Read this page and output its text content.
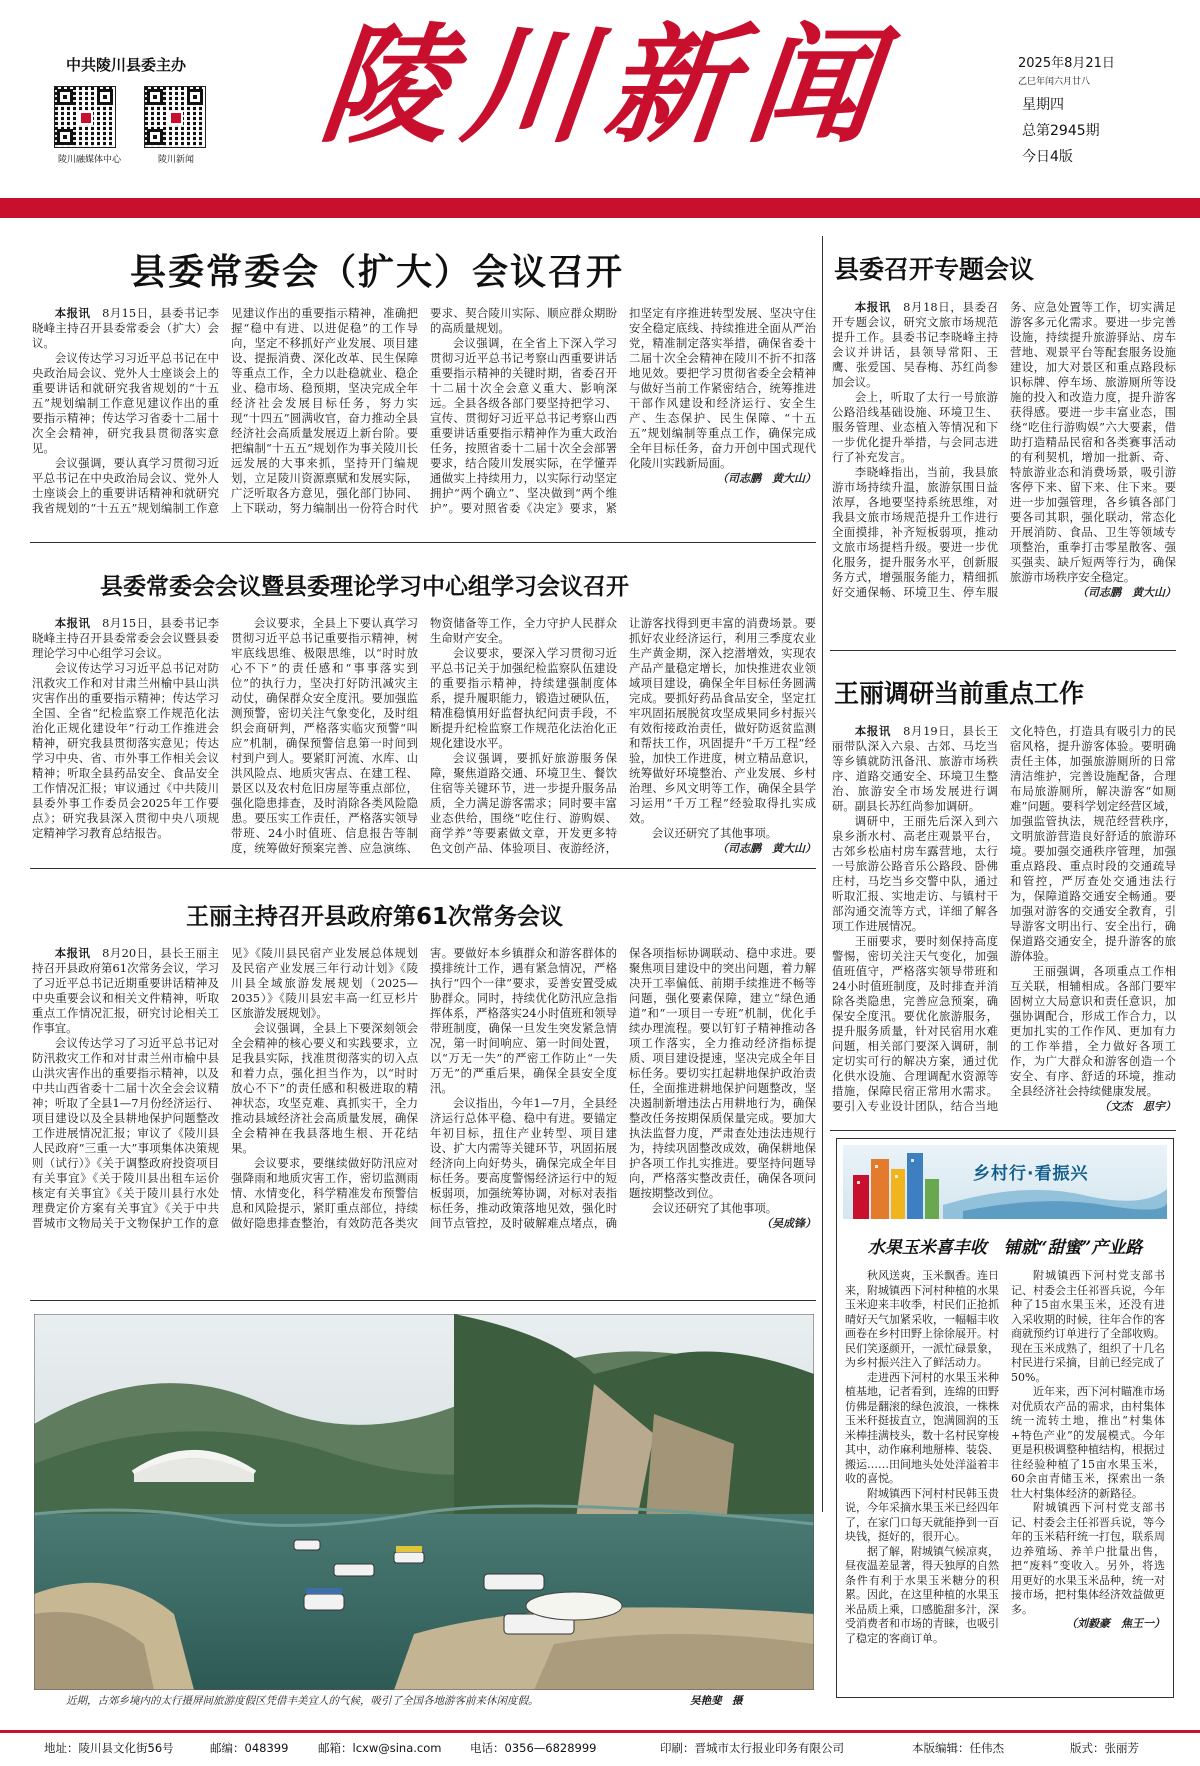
中共陵川县委主办
陵川融媒体中心	陵川新闻 陵川新闻	2025年8月21日
乙巳年闰六月廿八
星期四
总第2945期
今日4版
县委常委会（扩大）会议召开

本报讯　 8月15日，县委书记李晓峰主持召开县委常委会（扩大）会议。

会议传达学习习近平总书记在中央政治局会议、党外人士座谈会上的重要讲话和就研究我省规划的“十五五”规划编制工作意见建议作出的重要指示精神；传达学习省委十二届十次全会精神，研究我县贯彻落实意见。

会议强调，要认真学习贯彻习近平总书记在中央政治局会议、党外人士座谈会上的重要讲话精神和就研究我省规划的“十五五”规划编制工作意见建议作出的重要指示精神，准确把握“稳中有进、以进促稳”的工作导向，坚定不移抓好产业发展、项目建设、提振消费、深化改革、民生保障等重点工作，全力以赴稳就业、稳企业、稳市场、稳预期，坚决完成全年经济社会发展目标任务，努力实现“十四五”圆满收官，奋力推动全县经济社会高质量发展迈上新台阶。要把编制“十五五”规划作为事关陵川长远发展的大事来抓，坚持开门编规划，立足陵川资源禀赋和发展实际，广泛听取各方意见，强化部门协同、上下联动，努力编制出一份符合时代要求、契合陵川实际、顺应群众期盼的高质量规划。

会议强调，在全省上下深入学习贯彻习近平总书记考察山西重要讲话重要指示精神的关键时期，省委召开十二届十次全会意义重大、影响深远。全县各级各部门要坚持把学习、宣传、贯彻好习近平总书记考察山西重要讲话重要指示精神作为重大政治任务，按照省委十二届十次全会部署要求，结合陵川发展实际，在学懂弄通做实上持续用力，以实际行动坚定拥护“两个确立”、坚决做到“两个维护”。要对照省委《决定》要求，紧扣坚定有序推进转型发展、坚决守住安全稳定底线、持续推进全面从严治党，精准制定落实举措，确保省委十二届十次全会精神在陵川不折不扣落地见效。要把学习贯彻省委全会精神与做好当前工作紧密结合，统筹推进干部作风建设和经济运行、安全生产、生态保护、民生保障、“十五五”规划编制等重点工作，确保完成全年目标任务，奋力开创中国式现代化陵川实践新局面。

（司志鹏　黄大山）
县委常委会会议暨县委理论学习中心组学习会议召开

本报讯　 8月15日，县委书记李晓峰主持召开县委常委会会议暨县委理论学习中心组学习会议。

会议传达学习习近平总书记对防汛救灾工作和对甘肃兰州榆中县山洪灾害作出的重要指示精神；传达学习全国、全省“纪检监察工作规范化法治化正规化建设年”行动工作推进会精神，研究我县贯彻落实意见；传达学习中央、省、市外事工作相关会议精神；听取全县药品安全、食品安全工作情况汇报；审议通过《中共陵川县委外事工作委员会2025年工作要点》；研究我县深入贯彻中央八项规定精神学习教育总结报告。

会议要求，全县上下要认真学习贯彻习近平总书记重要指示精神，树牢底线思维、极限思维，以“时时放心不下”的责任感和“事事落实到位”的执行力，坚决打好防汛减灾主动仗，确保群众安全度汛。要加强监测预警，密切关注气象变化，及时组织会商研判，严格落实临灾预警“叫应”机制，确保预警信息第一时间到村到户到人。要紧盯河流、水库、山洪风险点、地质灾害点、在建工程、景区以及农村危旧房屋等重点部位，强化隐患排查，及时消除各类风险隐患。要压实工作责任，严格落实领导带班、24小时值班、信息报告等制度，统筹做好预案完善、应急演练、物资储备等工作，全力守护人民群众生命财产安全。

会议要求，要深入学习贯彻习近平总书记关于加强纪检监察队伍建设的重要指示精神，持续建强制度体系，提升履职能力，锻造过硬队伍，精准稳慎用好监督执纪问责手段，不断提升纪检监察工作规范化法治化正规化建设水平。

会议强调，要抓好旅游服务保障，聚焦道路交通、环境卫生、餐饮住宿等关键环节，进一步提升服务品质，全力满足游客需求；同时要丰富业态供给，围绕“吃住行、游购娱、商学养”等要素做文章，开发更多特色文创产品、体验项目、夜游经济，让游客找得到更丰富的消费场景。要抓好农业经济运行，利用三季度农业生产黄金期，深入挖潜增效，实现农产品产量稳定增长，加快推进农业领域项目建设，确保全年目标任务圆满完成。要抓好药品食品安全，坚定扛牢巩固拓展脱贫攻坚成果同乡村振兴有效衔接政治责任，做好防返贫监测和帮扶工作，巩固提升“千万工程”经验，加快工作进度，树立精品意识，统筹做好环境整治、产业发展、乡村治理、乡风文明等工作，确保全县学习运用“千万工程”经验取得扎实成效。

会议还研究了其他事项。

（司志鹏　黄大山）
王丽主持召开县政府第61次常务会议

本报讯　 8月20日，县长王丽主持召开县政府第61次常务会议，学习了习近平总书记近期重要讲话精神及中央重要会议和相关文件精神，听取重点工作情况汇报，研究讨论相关工作事宜。

会议传达学习了习近平总书记对防汛救灾工作和对甘肃兰州市榆中县山洪灾害作出的重要指示精神，以及中共山西省委十二届十次全会会议精神；听取了全县1—7月份经济运行、项目建设以及全县耕地保护问题整改工作进展情况汇报；审议了《陵川县人民政府“三重一大”事项集体决策规则（试行）》《关于调整政府投资项目有关事宜》《关于陵川县出租车运价核定有关事宜》《关于陵川县行水处理费定价方案有关事宜》《关于中共晋城市文物局关于文物保护工作的意见》《陵川县民宿产业发展总体规划及民宿产业发展三年行动计划》《陵川县全域旅游发展规划（2025—2035）》《陵川县宏丰高一红豆杉片区旅游发展规划》。

会议强调，全县上下要深刻领会全会精神的核心要义和实践要求，立足我县实际，找准贯彻落实的切入点和着力点，强化担当作为，以“时时放心不下”的责任感和积极进取的精神状态，攻坚克难、真抓实干，全力推动县域经济社会高质量发展，确保全会精神在我县落地生根、开花结果。

会议要求，要继续做好防汛应对强降雨和地质灾害工作，密切监测雨情、水情变化，科学精准发布预警信息和风险提示，紧盯重点部位，持续做好隐患排查整治，有效防范各类灾害。要做好本乡镇群众和游客群体的摸排统计工作，遇有紧急情况，严格执行“四个一律”要求，妥善安置受威胁群众。同时，持续优化防汛应急指挥体系，严格落实24小时值班和领导带班制度，确保一旦发生突发紧急情况，第一时间响应、第一时间处置，以“万无一失”的严密工作防止“一失万无”的严重后果，确保全县安全度汛。

会议指出，今年1—7月，全县经济运行总体平稳、稳中有进。要锚定年初目标，扭住产业转型、项目建设、扩大内需等关键环节，巩固拓展经济向上向好势头，确保完成全年目标任务。要高度警惕经济运行中的短板弱项，加强统筹协调，对标对表指标任务，推动政策落地见效，强化时间节点管控，及时破解难点堵点，确保各项指标协调联动、稳中求进。要聚焦项目建设中的突出问题，着力解决开工率偏低、前期手续推进不畅等问题，强化要素保障，建立“绿色通道”和“一项目一专班”机制，优化手续办理流程。要以钉钉子精神推动各项工作落实，全力推动经济指标提质、项目建设提速，坚决完成全年目标任务。要切实扛起耕地保护政治责任，全面推进耕地保护问题整改，坚决遏制新增违法占用耕地行为，确保整改任务按期保质保量完成。要加大执法监督力度，严肃查处违法违规行为，持续巩固整改成效，确保耕地保护各项工作扎实推进。要坚持问题导向，严格落实整改责任，确保各项问题按期整改到位。

会议还研究了其他事项。

（吴成锋）
近期，古郊乡境内的太行摄屏间旅游度假区凭借丰美宜人的气候，吸引了全国各地游客前来休闲度假。	吴艳斐　摄
县委召开专题会议

本报讯　 8月18日，县委召开专题会议，研究文旅市场规范提升工作。县委书记李晓峰主持会议并讲话，县领导常阳、王鹰、张爱国、吴春梅、苏红尚参加会议。

会上，听取了太行一号旅游公路沿线基础设施、环境卫生、服务管理、业态植入等情况和下一步优化提升举措，与会同志进行了补充发言。

李晓峰指出，当前，我县旅游市场持续升温，旅游氛围日益浓厚，各地要坚持系统思维，对我县文旅市场规范提升工作进行全面摸排，补齐短板弱项，推动文旅市场提档升级。要进一步优化服务，提升服务水平，创新服务方式，增强服务能力，精细抓好交通保畅、环境卫生、停车服务、应急处置等工作，切实满足游客多元化需求。要进一步完善设施，持续提升旅游驿站、房车营地、观景平台等配套服务设施建设，加大对景区和重点路段标识标牌、停车场、旅游厕所等设施的投入和改造力度，提升游客获得感。要进一步丰富业态，围绕“吃住行游购娱”六大要素，借助打造精品民宿和各类赛事活动的有利契机，增加一批新、奇、特旅游业态和消费场景，吸引游客停下来、留下来、住下来。要进一步加强管理，各乡镇各部门要各司其职，强化联动，常态化开展消防、食品、卫生等领域专项整治，重拳打击零星散客、强买强卖、缺斤短两等行为，确保旅游市场秩序安全稳定。

（司志鹏　黄大山）
王丽调研当前重点工作

本报讯　 8月19日，县长王丽带队深入六泉、古郊、马圪当等乡镇就防汛备汛、旅游市场秩序、道路交通安全、环境卫生整治、旅游安全市场发展进行调研。副县长苏红尚参加调研。

调研中，王丽先后深入到六泉乡浙水村、高老庄观景平台，古郊乡松庙村房车露营地，太行一号旅游公路音乐公路段、卧佛庄村，马圪当乡交警中队，通过听取汇报、实地走访、与镇村干部沟通交流等方式，详细了解各项工作进展情况。

王丽要求，要时刻保持高度警惕，密切关注天气变化，加强值班值守，严格落实领导带班和24小时值班制度，及时排查并消除各类隐患，完善应急预案，确保安全度汛。要优化旅游服务，提升服务质量，针对民宿用水难问题，相关部门要深入调研，制定切实可行的解决方案，通过优化供水设施、合理调配水资源等措施，保障民宿正常用水需求。要引入专业设计团队，结合当地文化特色，打造具有吸引力的民宿风格，提升游客体验。要明确责任主体，加强旅游厕所的日常清洁维护，完善设施配备，合理布局旅游厕所，解决游客“如厕难”问题。要科学划定经营区域，加强监管执法，规范经营秩序，文明旅游营造良好舒适的旅游环境。要加强交通秩序管理，加强重点路段、重点时段的交通疏导和管控，严厉查处交通违法行为，保障道路交通安全畅通。要加强对游客的交通安全教育，引导游客文明出行、安全出行，确保道路交通安全，提升游客的旅游体验。

王丽强调，各项重点工作相互关联，相辅相成。各部门要牢固树立大局意识和责任意识，加强协调配合，形成工作合力，以更加扎实的工作作风、更加有力的工作举措，全力做好各项工作，为广大群众和游客创造一个安全、有序、舒适的环境，推动全县经济社会持续健康发展。

（文杰　思宇）
乡村行·看振兴
水果玉米喜丰收　铺就“甜蜜”产业路

秋风送爽，玉米飘香。连日来，附城镇西下河村种植的水果玉米迎来丰收季，村民们正抢抓晴好天气加紧采收，一幅幅丰收画卷在乡村田野上徐徐展开。村民们笑逐颜开，一派忙碌景象，为乡村振兴注入了鲜活动力。

走进西下河村的水果玉米种植基地，记者看到，连绵的田野仿佛是翻滚的绿色波浪，一株株玉米秆挺拔直立，饱满圆润的玉米棒挂满枝头，数十名村民穿梭其中，动作麻利地掰棒、装袋、搬运……田间地头处处洋溢着丰收的喜悦。

附城镇西下河村村民韩玉贵说，今年采摘水果玉米已经四年了，在家门口每天就能挣到一百块钱，挺好的，很开心。

据了解，附城镇气候凉爽，昼夜温差显著，得天独厚的自然条件有利于水果玉米糖分的积累。因此，在这里种植的水果玉米品质上乘，口感脆甜多汁，深受消费者和市场的青睐，也吸引了稳定的客商订单。

附城镇西下河村党支部书记、村委会主任祁晋兵说，今年种了15亩水果玉米，还没有进入采收期的时候，往年合作的客商就预约订单进行了全部收购。现在玉米成熟了，组织了十几名村民进行采摘，目前已经完成了50%。

近年来，西下河村瞄准市场对优质农产品的需求，由村集体统一流转土地，推出“村集体+特色产业”的发展模式。今年更是积极调整种植结构，根据过往经验种植了15亩水果玉米，60余亩青储玉米，探索出一条壮大村集体经济的新路径。

附城镇西下河村党支部书记、村委会主任祁晋兵说，等今年的玉米秸秆统一打包，联系周边养殖场、养羊户批量出售，把“废料”变收入。另外，将选用更好的水果玉米品种，统一对接市场，把村集体经济效益做更多。

（刘毅豪　焦王一）
地址：陵川县文化街56号	邮编：048399	邮箱：lcxw@sina.com 电话：0356—6828999	印刷：晋城市太行报业印务有限公司	本版编辑：任伟杰	版式：张丽芳
